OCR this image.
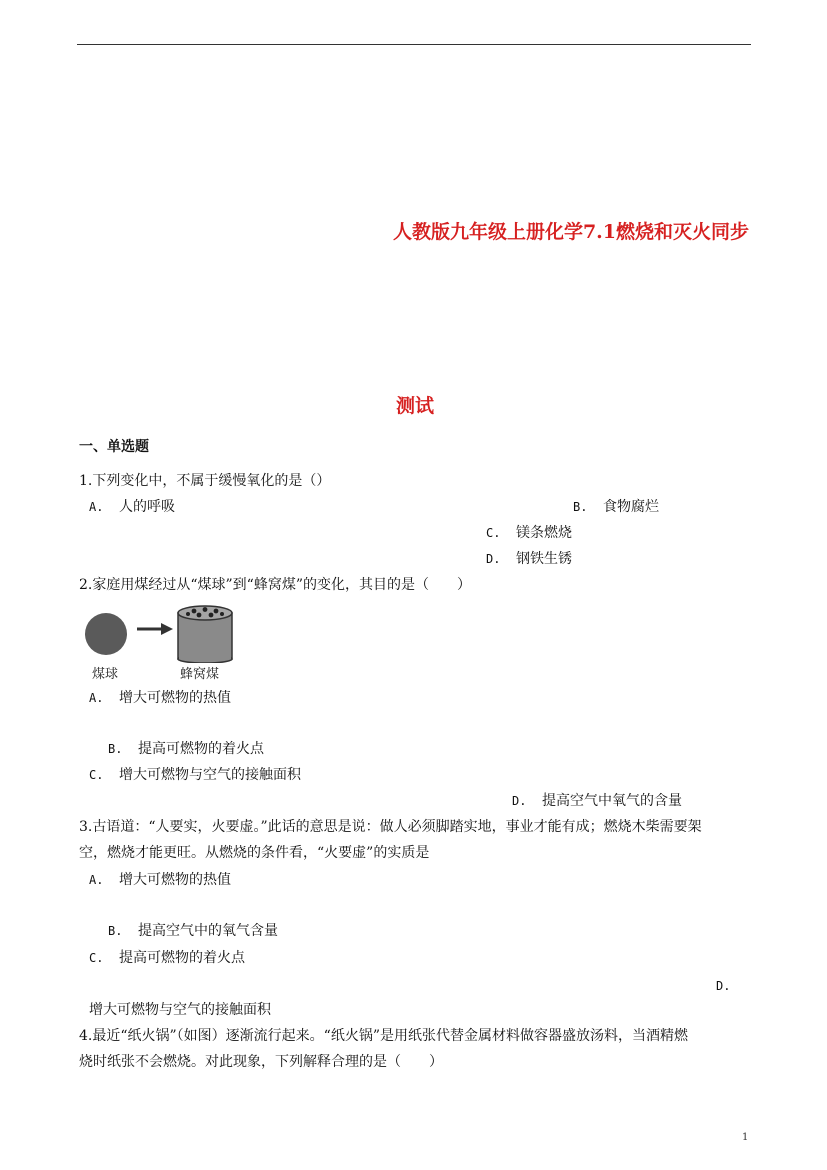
人教版九年级上册化学7.1燃烧和灭火同步
测试
一、单选题
1.下列变化中，不属于缓慢氧化的是（）
A. 人的呼吸	B. 食物腐烂
C. 镁条燃烧
D. 钢铁生锈
2.家庭用煤经过从“煤球”到“蜂窝煤”的变化，其目的是（　　）
煤球	蜂窝煤
A. 增大可燃物的热值
B. 提高可燃物的着火点
C. 增大可燃物与空气的接触面积
D. 提高空气中氧气的含量
3.古语道：“人要实，火要虚。”此话的意思是说：做人必须脚踏实地，事业才能有成；燃烧木柴需要架
空，燃烧才能更旺。从燃烧的条件看，“火要虚”的实质是
A. 增大可燃物的热值
B. 提高空气中的氧气含量
C. 提高可燃物的着火点
D.
增大可燃物与空气的接触面积
4.最近“纸火锅”（如图）逐渐流行起来。“纸火锅”是用纸张代替金属材料做容器盛放汤料，当酒精燃
烧时纸张不会燃烧。对此现象，下列解释合理的是（　　）
1
